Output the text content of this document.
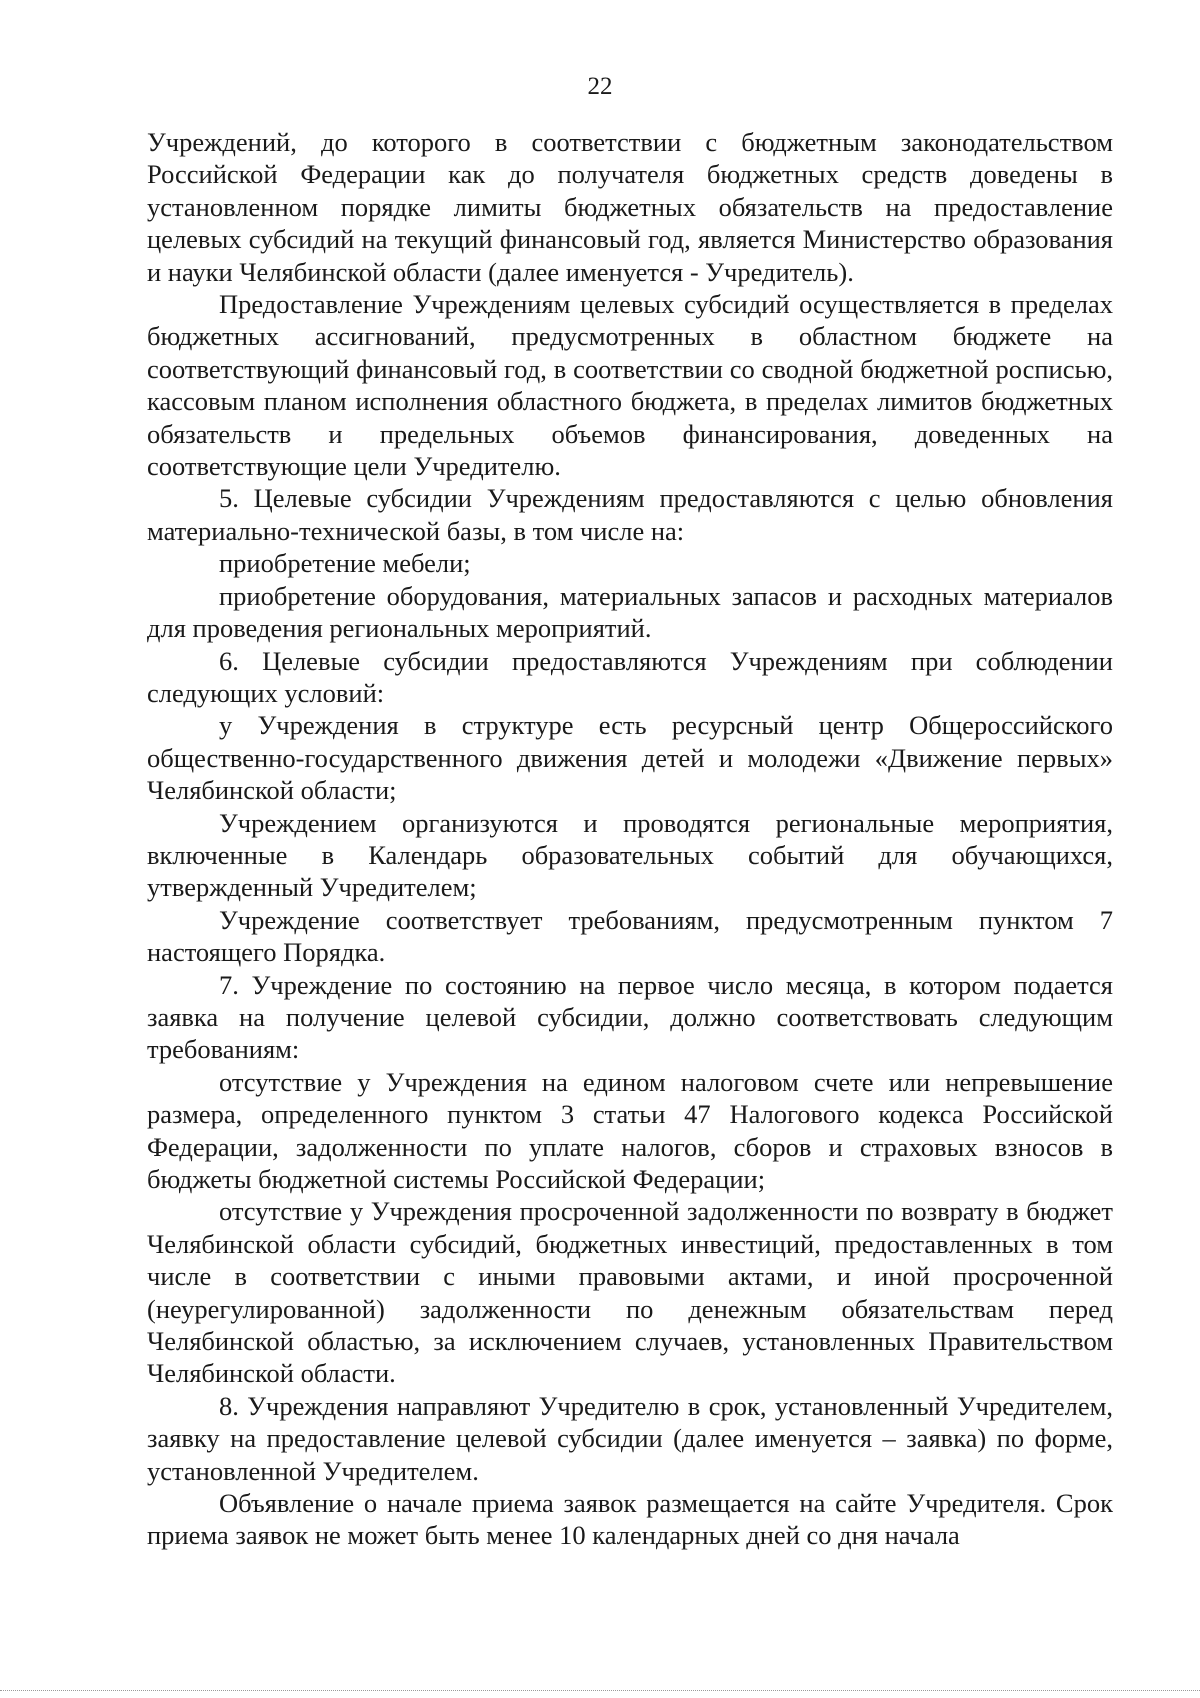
22

Учреждений, до которого в соответствии с бюджетным законодательством Российской Федерации как до получателя бюджетных средств доведены в установленном порядке лимиты бюджетных обязательств на предоставление целевых субсидий на текущий финансовый год, является Министерство образования и науки Челябинской области (далее именуется - Учредитель).

Предоставление Учреждениям целевых субсидий осуществляется в пределах бюджетных ассигнований, предусмотренных в областном бюджете на соответствующий финансовый год, в соответствии со сводной бюджетной росписью, кассовым планом исполнения областного бюджета, в пределах лимитов бюджетных обязательств и предельных объемов финансирования, доведенных на соответствующие цели Учредителю.

5. Целевые субсидии Учреждениям предоставляются с целью обновления материально-технической базы, в том числе на:

приобретение мебели;

приобретение оборудования, материальных запасов и расходных материалов для проведения региональных мероприятий.

6. Целевые субсидии предоставляются Учреждениям при соблюдении следующих условий:

у Учреждения в структуре есть ресурсный центр Общероссийского общественно-государственного движения детей и молодежи «Движение первых» Челябинской области;

Учреждением организуются и проводятся региональные мероприятия, включенные в Календарь образовательных событий для обучающихся, утвержденный Учредителем;

Учреждение соответствует требованиям, предусмотренным пунктом 7 настоящего Порядка.

7. Учреждение по состоянию на первое число месяца, в котором подается заявка на получение целевой субсидии, должно соответствовать следующим требованиям:

отсутствие у Учреждения на едином налоговом счете или непревышение размера, определенного пунктом 3 статьи 47 Налогового кодекса Российской Федерации, задолженности по уплате налогов, сборов и страховых взносов в бюджеты бюджетной системы Российской Федерации;

отсутствие у Учреждения просроченной задолженности по возврату в бюджет Челябинской области субсидий, бюджетных инвестиций, предоставленных в том числе в соответствии с иными правовыми актами, и иной просроченной (неурегулированной) задолженности по денежным обязательствам перед Челябинской областью, за исключением случаев, установленных Правительством Челябинской области.

8. Учреждения направляют Учредителю в срок, установленный Учредителем, заявку на предоставление целевой субсидии (далее именуется – заявка) по форме, установленной Учредителем.

Объявление о начале приема заявок размещается на сайте Учредителя. Срок приема заявок не может быть менее 10 календарных дней со дня начала
